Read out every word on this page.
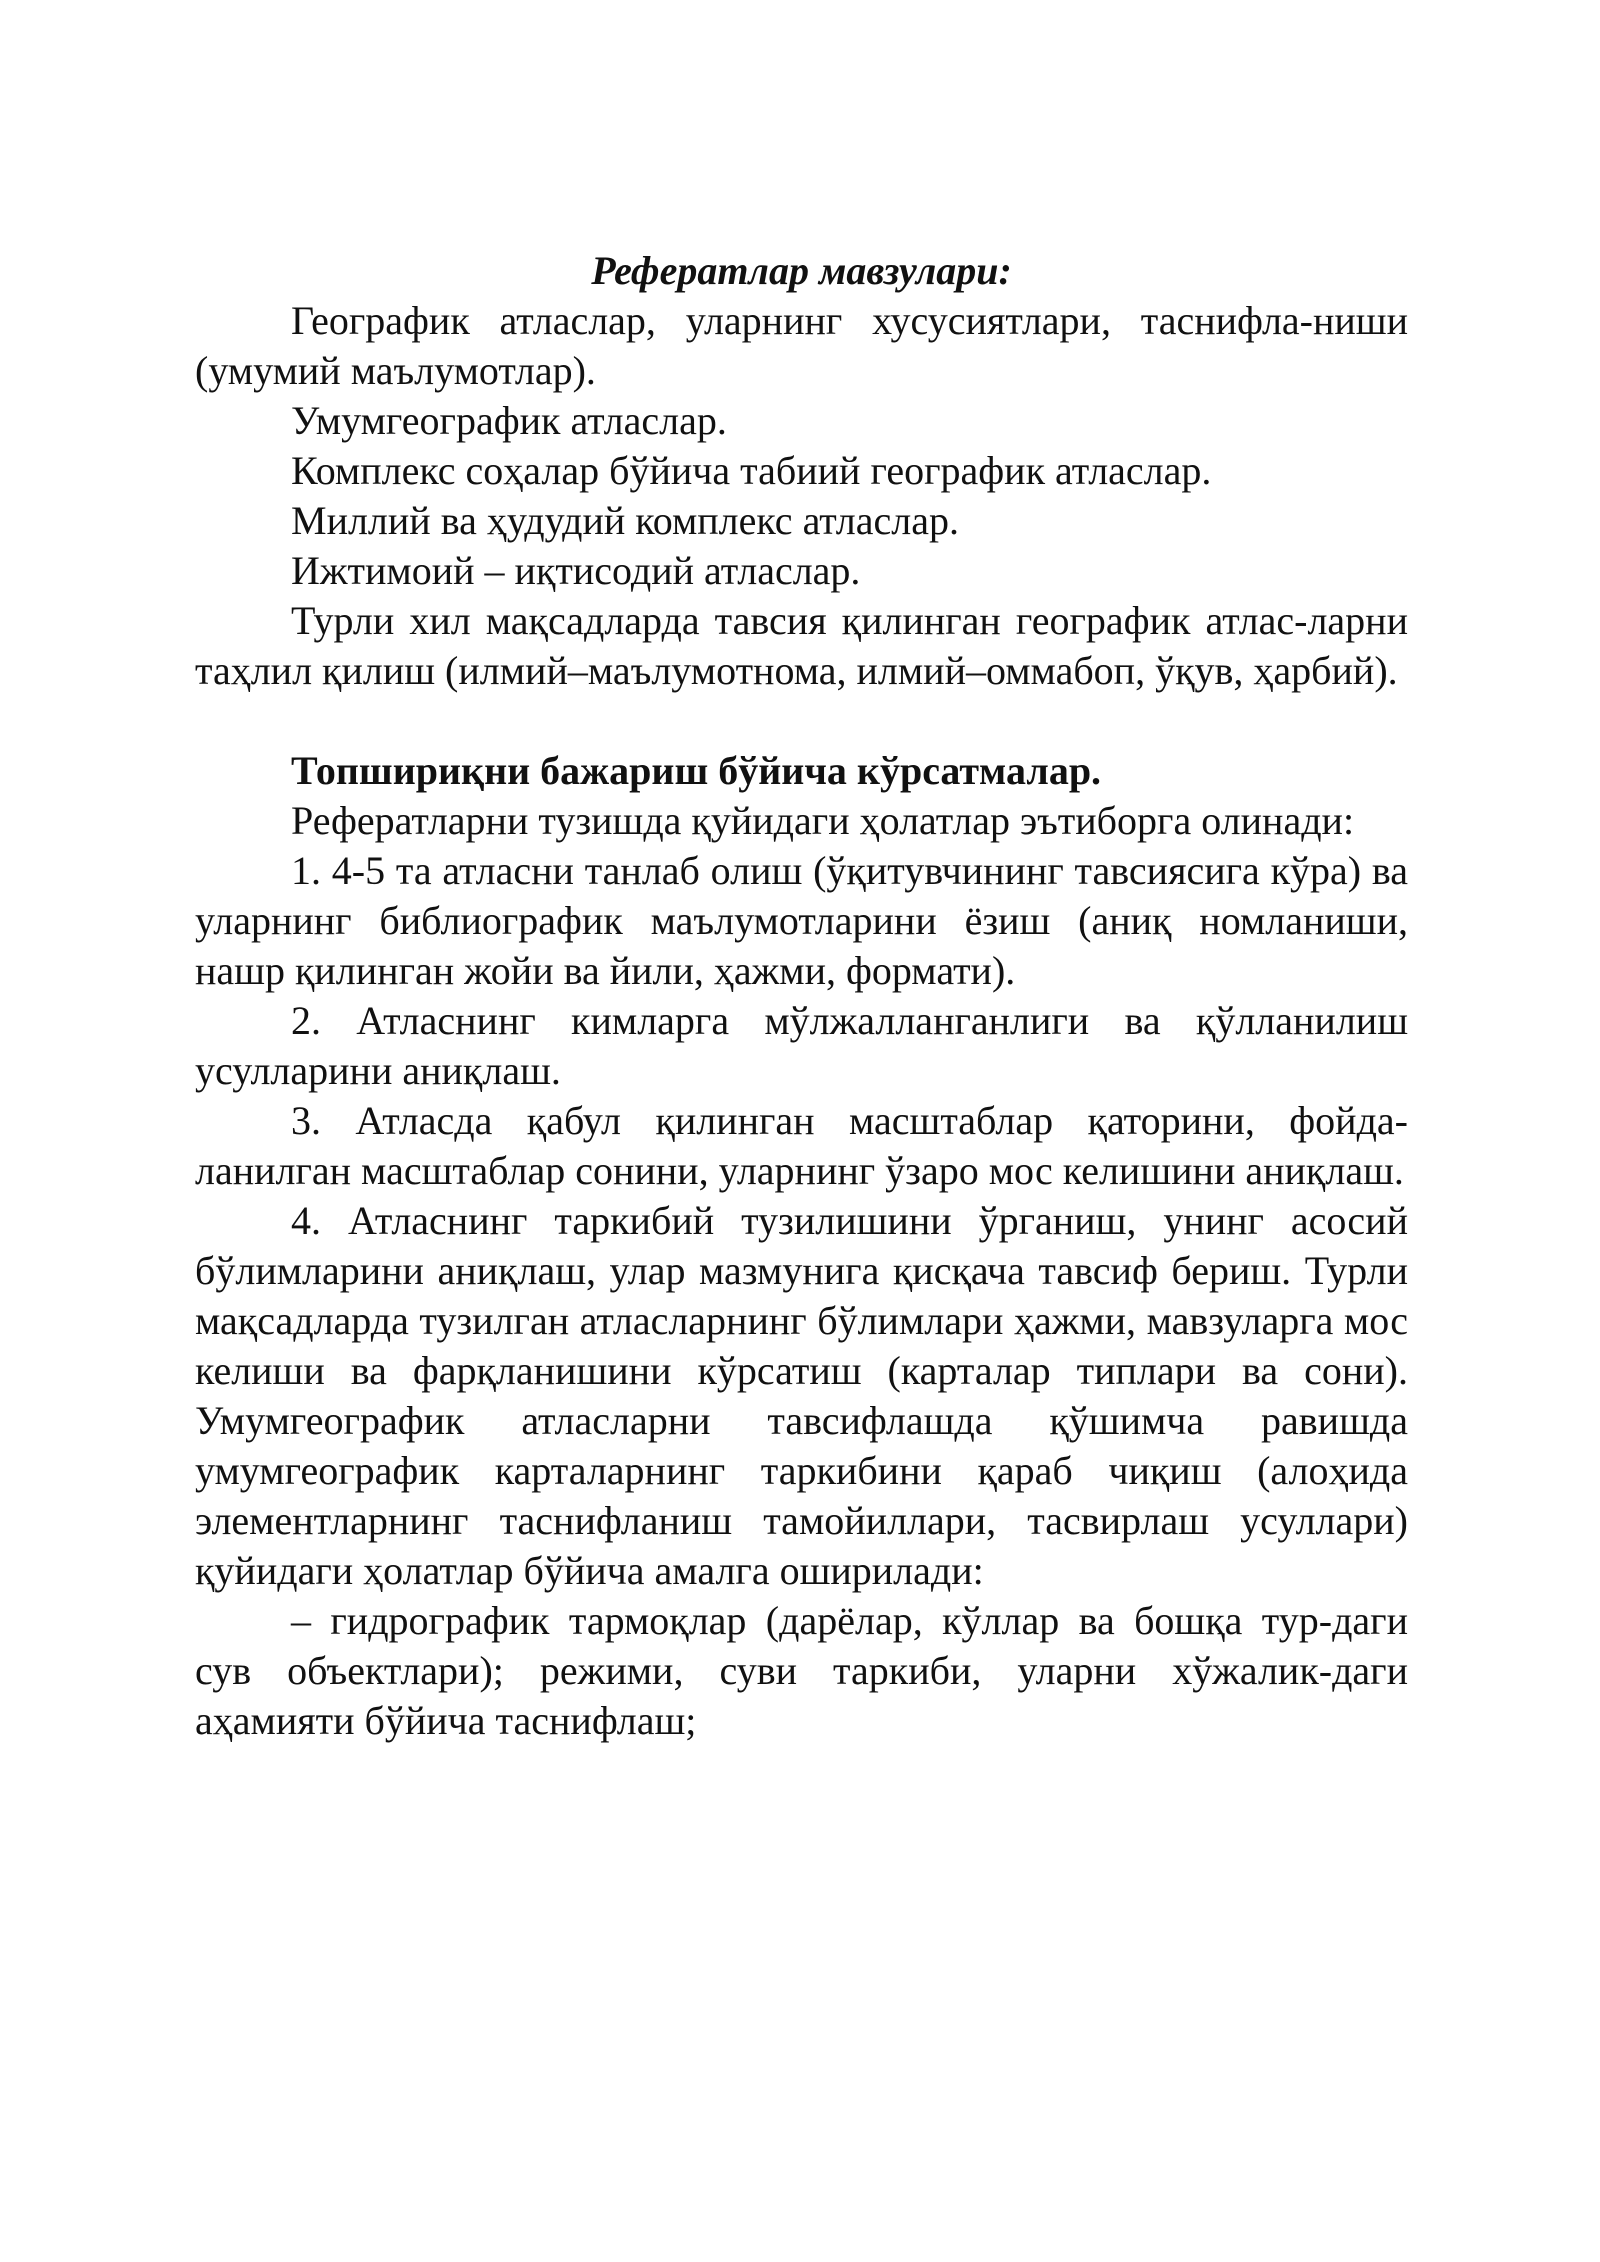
Рефератлар мавзулари:

Географик атласлар, уларнинг хусусиятлари, таснифла-ниши (умумий маълумотлар).

Умумгеографик атласлар.

Комплекс соҳалар бўйича табиий географик атласлар.

Миллий ва ҳудудий комплекс атласлар.

Ижтимоий – иқтисодий атласлар.

Турли хил мақсадларда тавсия қилинган географик атлас-ларни таҳлил қилиш (илмий–маълумотнома, илмий–оммабоп, ўқув, ҳарбий).

Топшириқни бажариш бўйича кўрсатмалар.

Рефератларни тузишда қуйидаги ҳолатлар эътиборга олинади:

1. 4-5 та атласни танлаб олиш (ўқитувчининг тавсиясига кўра) ва уларнинг библиографик маълумотларини ёзиш (аниқ номланиши, нашр қилинган жойи ва йили, ҳажми, формати).

2. Атласнинг кимларга мўлжалланганлиги ва қўлланилиш усулларини аниқлаш.

3. Атласда қабул қилинган масштаблар қаторини, фойда-ланилган масштаблар сонини, уларнинг ўзаро мос келишини аниқлаш.

4. Атласнинг таркибий тузилишини ўрганиш, унинг асосий бўлимларини аниқлаш, улар мазмунига қисқача тавсиф бериш. Турли мақсадларда тузилган атласларнинг бўлимлари ҳажми, мавзуларга мос келиши ва фарқланишини кўрсатиш (карталар типлари ва сони). Умумгеографик атласларни тавсифлашда қўшимча равишда умумгеографик карталарнинг таркибини қараб чиқиш (алоҳида элементларнинг таснифланиш тамойиллари, тасвирлаш усуллари) қуйидаги ҳолатлар бўйича амалга оширилади:

– гидрографик тармоқлар (дарёлар, кўллар ва бошқа тур-даги сув объектлари); режими, суви таркиби, уларни хўжалик-даги аҳамияти бўйича таснифлаш;
